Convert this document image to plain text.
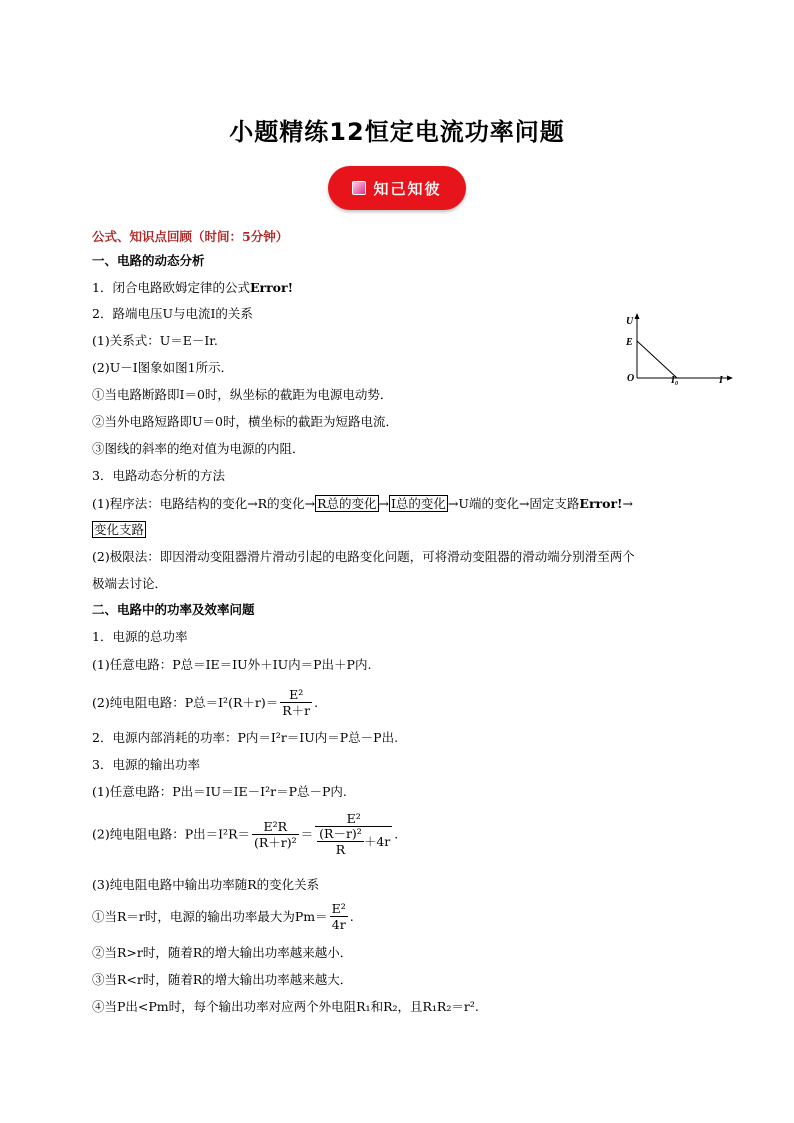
小题精练12恒定电流功率问题
知己知彼
公式、知识点回顾（时间：5分钟）
一、电路的动态分析
1．闭合电路欧姆定律的公式Error!
2．路端电压U与电流I的关系
(1)关系式：U＝E－Ir.
(2)U－I图象如图1所示．
①当电路断路即I＝0时，纵坐标的截距为电源电动势．
②当外电路短路即U＝0时，横坐标的截距为短路电流．
③图线的斜率的绝对值为电源的内阻．
3．电路动态分析的方法
(1)程序法：电路结构的变化→R的变化→ R总的变化 → I总的变化 →U端的变化→固定支路Error!→
变化支路
(2)极限法：即因滑动变阻器滑片滑动引起的电路变化问题，可将滑动变阻器的滑动端分别滑至两个
极端去讨论．
二、电路中的功率及效率问题
1．电源的总功率
(1)任意电路：P总＝IE＝IU外＋IU内＝P出＋P内.
(2)纯电阻电路：P总$=I^2(R+r)= \frac{\text{E²}}{R+r}$ .
2．电源内部消耗的功率：P内＝I²r＝IU内＝P总－P出.
3．电源的输出功率
(1)任意电路：P出＝IU＝IE－I²r＝P总－P内.
(2)纯电阻电路：P出$=I^2R= \frac{\text{E²R}}{\text{(R＋r)²}} = \frac{\text{E²}}{\frac{\text{(R－r)²}}{R} +4r}$ .
(3)纯电阻电路中输出功率随R的变化关系
①当R＝r时，电源的输出功率最大为$Pm= \frac{\text{E²}}{4r}$ .
②当R>r时，随着R的增大输出功率越来越小．
③当R<r时，随着R的增大输出功率越来越大．
④当P出<Pm时，每个输出功率对应两个外电阻R₁和R₂，且R₁R₂＝r².
U
E
O	I₀	I
